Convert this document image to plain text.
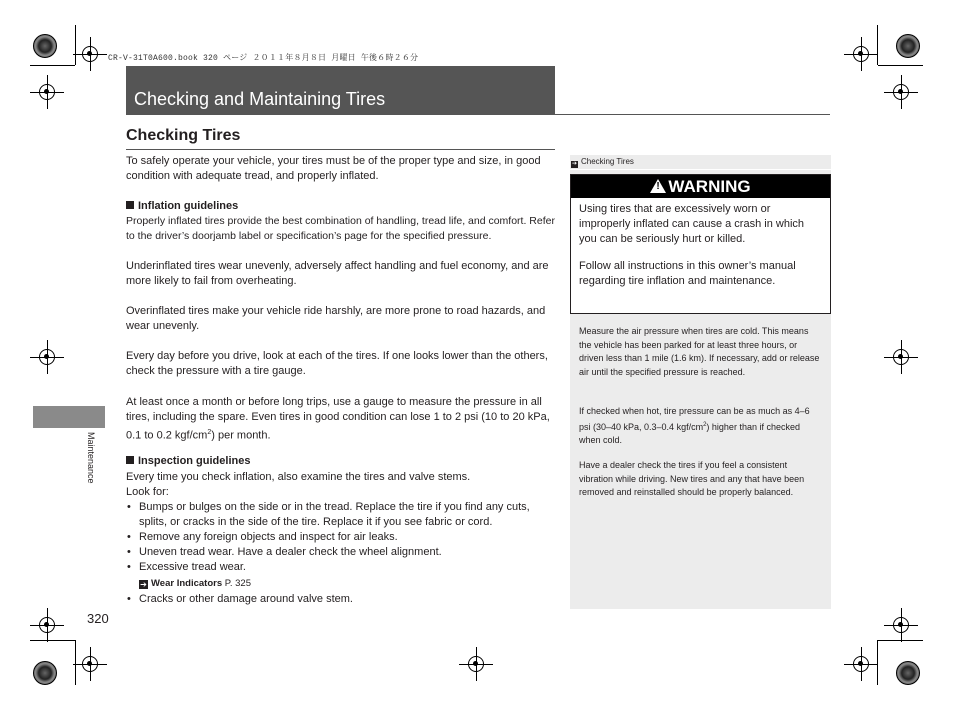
CR-V-31T0A600.book 320 ページ ２０１１年８月８日 月曜日 午後６時２６分
Checking and Maintaining Tires
Maintenance
Checking Tires
To safely operate your vehicle, your tires must be of the proper type and size, in good condition with adequate tread, and properly inflated.
Inflation guidelines
Properly inflated tires provide the best combination of handling, tread life, and comfort. Refer to the driver’s doorjamb label or specification’s page for the specified pressure.
Underinflated tires wear unevenly, adversely affect handling and fuel economy, and are more likely to fail from overheating.
Overinflated tires make your vehicle ride harshly, are more prone to road hazards, and wear unevenly.
Every day before you drive, look at each of the tires. If one looks lower than the others, check the pressure with a tire gauge.
At least once a month or before long trips, use a gauge to measure the pressure in all tires, including the spare. Even tires in good condition can lose 1 to 2 psi (10 to 20 kPa, 0.1 to 0.2 kgf/$cm^2$) per month.
Inspection guidelines
Every time you check inflation, also examine the tires and valve stems.
Look for:
• Bumps or bulges on the side or in the tread. Replace the tire if you find any cuts, splits, or cracks in the side of the tire. Replace it if you see fabric or cord.
• Remove any foreign objects and inspect for air leaks.
• Uneven tread wear. Have a dealer check the wheel alignment.
• Excessive tread wear.
➔ Wear Indicators P. 325
• Cracks or other damage around valve stem.
➔ Checking Tires
! WARNING
Using tires that are excessively worn or improperly inflated can cause a crash in which you can be seriously hurt or killed.
Follow all instructions in this owner’s manual regarding tire inflation and maintenance.
Measure the air pressure when tires are cold. This means the vehicle has been parked for at least three hours, or driven less than 1 mile (1.6 km). If necessary, add or release air until the specified pressure is reached.
If checked when hot, tire pressure can be as much as 4–6 psi (30–40 kPa, 0.3–0.4 kgf/$cm^2$) higher than if checked when cold.
Have a dealer check the tires if you feel a consistent vibration while driving. New tires and any that have been removed and reinstalled should be properly balanced.
320
